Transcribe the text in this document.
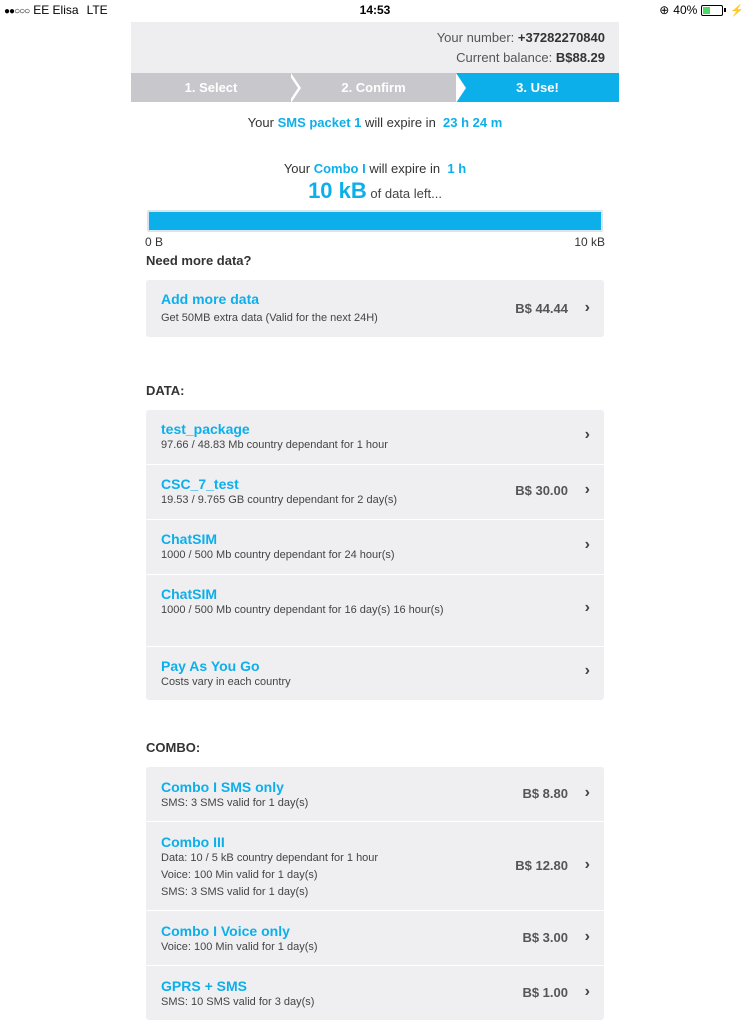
●●○○○ EE Elisa LTE	14:53	⊕ 40%	⚡
Your number: +37282270840
Current balance: B$88.29
1. Select	2. Confirm	3. Use!
Your SMS packet 1 will expire in  23 h 24 m
Your Combo I will expire in  1 h
10 kB of data left...
0 B	10 kB
Need more data?
Add more data
Get 50MB extra data (Valid for the next 24H)
B$ 44.44 ›
DATA:
test_package
97.66 / 48.83 Mb country dependant for 1 hour
›
CSC_7_test
19.53 / 9.765 GB country dependant for 2 day(s)
B$ 30.00 ›
ChatSIM
1000 / 500 Mb country dependant for 24 hour(s)
›
ChatSIM
1000 / 500 Mb country dependant for 16 day(s) 16 hour(s)	›
Pay As You Go
Costs vary in each country
›
COMBO:
Combo I SMS only
SMS: 3 SMS valid for 1 day(s)
B$ 8.80 ›
Combo III
Data: 10 / 5 kB country dependant for 1 hour
Voice: 100 Min valid for 1 day(s)
SMS: 3 SMS valid for 1 day(s)
B$ 12.80 ›
Combo I Voice only
Voice: 100 Min valid for 1 day(s)
B$ 3.00 ›
GPRS + SMS
SMS: 10 SMS valid for 3 day(s)
B$ 1.00 ›
